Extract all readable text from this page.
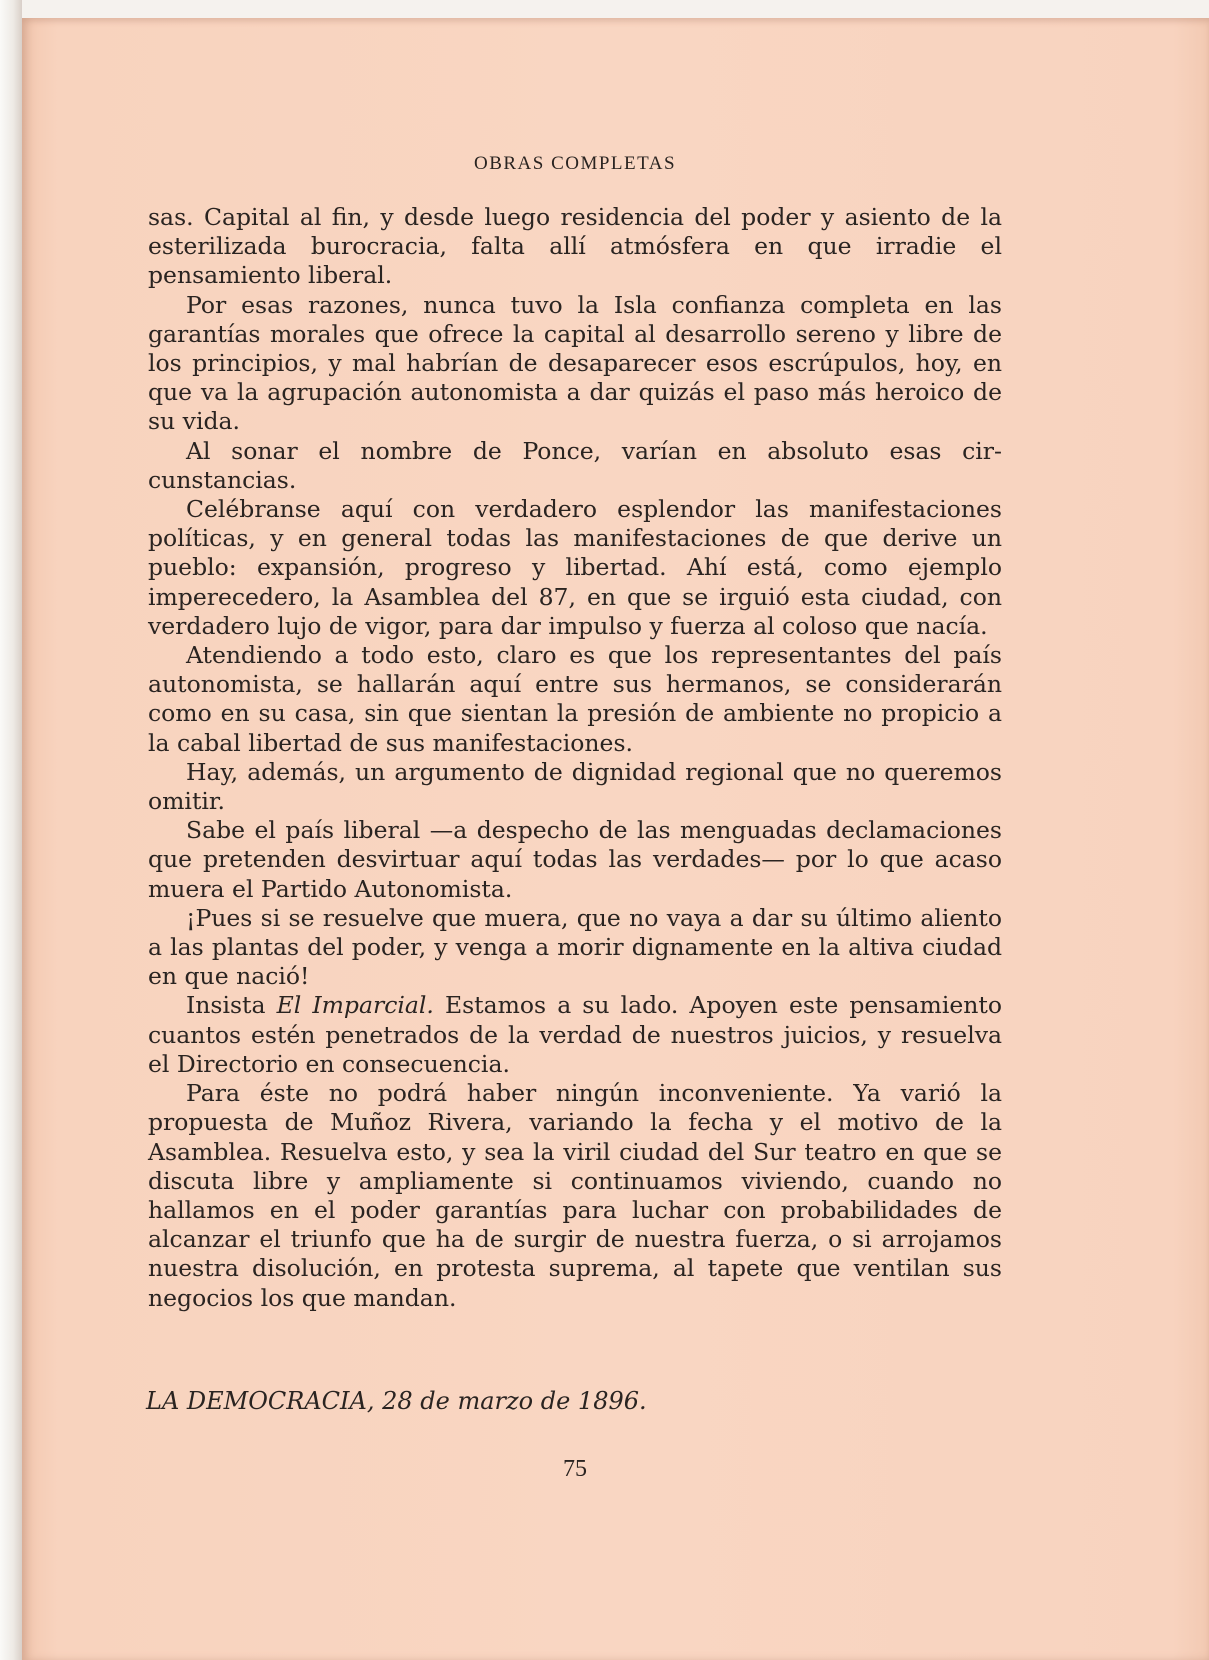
OBRAS COMPLETAS

sas. Capital al fin, y desde luego residencia del poder y asiento de la esterilizada burocracia, falta allí atmósfera en que irradie el pensamiento liberal.

Por esas razones, nunca tuvo la Isla confianza completa en las garantías morales que ofrece la capital al desarrollo sereno y libre de los principios, y mal habrían de desaparecer esos escrúpulos, hoy, en que va la agrupación autonomista a dar quizás el paso más heroico de su vida.

Al sonar el nombre de Ponce, varían en absoluto esas circunstancias.

Celébranse aquí con verdadero esplendor las manifestaciones políticas, y en general todas las manifestaciones de que derive un pueblo: expansión, progreso y libertad. Ahí está, como ejemplo imperecedero, la Asamblea del 87, en que se irguió esta ciudad, con verdadero lujo de vigor, para dar impulso y fuerza al coloso que nacía.

Atendiendo a todo esto, claro es que los representantes del país autonomista, se hallarán aquí entre sus hermanos, se considerarán como en su casa, sin que sientan la presión de ambiente no propicio a la cabal libertad de sus manifestaciones.

Hay, además, un argumento de dignidad regional que no queremos omitir.

Sabe el país liberal —a despecho de las menguadas declamaciones que pretenden desvirtuar aquí todas las verdades— por lo que acaso muera el Partido Autonomista.

¡Pues si se resuelve que muera, que no vaya a dar su último aliento a las plantas del poder, y venga a morir dignamente en la altiva ciudad en que nació!

Insista El Imparcial. Estamos a su lado. Apoyen este pensamiento cuantos estén penetrados de la verdad de nuestros juicios, y resuelva el Directorio en consecuencia.

Para éste no podrá haber ningún inconveniente. Ya varió la propuesta de Muñoz Rivera, variando la fecha y el motivo de la Asamblea. Resuelva esto, y sea la viril ciudad del Sur teatro en que se discuta libre y ampliamente si continuamos viviendo, cuando no hallamos en el poder garantías para luchar con probabilidades de alcanzar el triunfo que ha de surgir de nuestra fuerza, o si arrojamos nuestra disolución, en protesta suprema, al tapete que ventilan sus negocios los que mandan.

LA DEMOCRACIA, 28 de marzo de 1896.
75
